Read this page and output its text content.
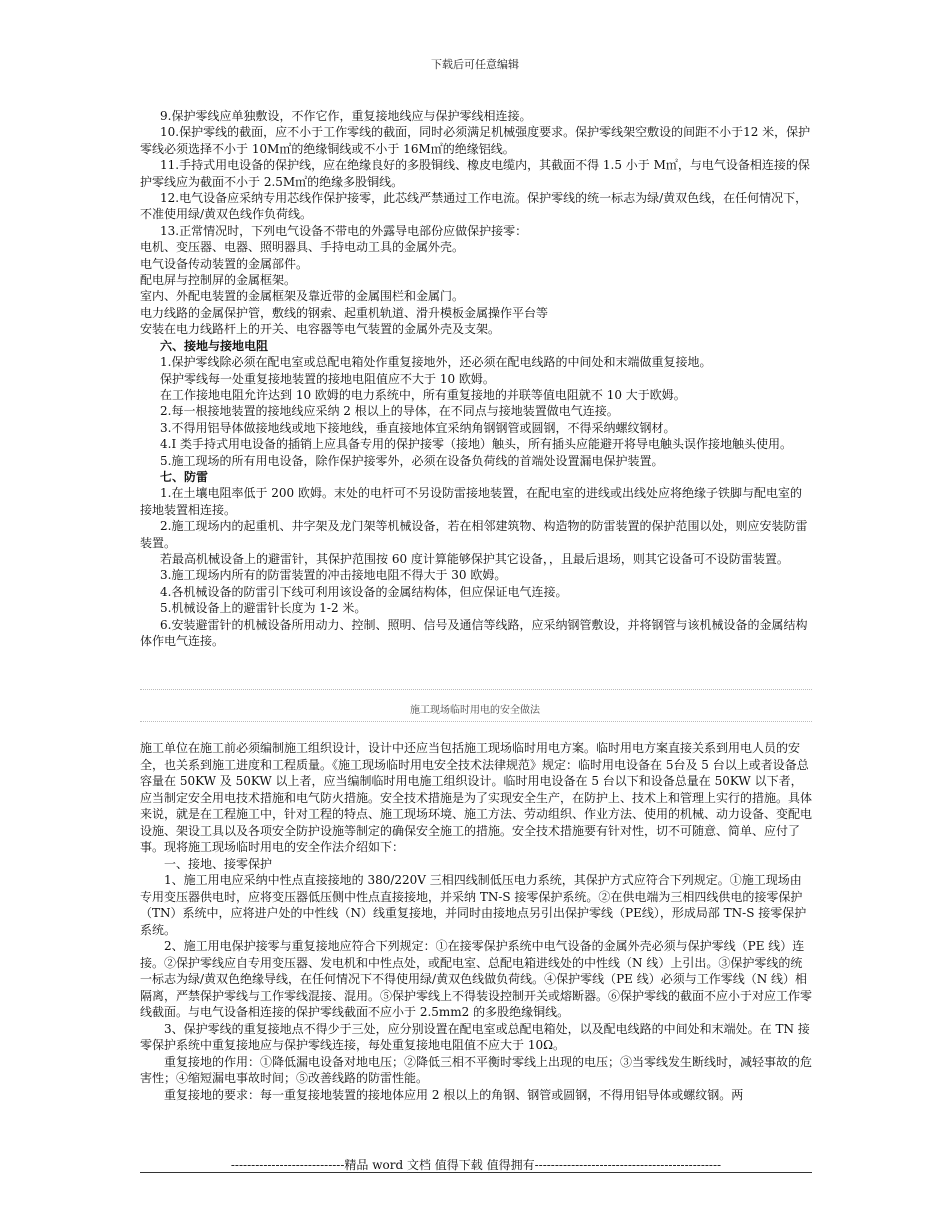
下载后可任意编辑

9.保护零线应单独敷设，不作它作，重复接地线应与保护零线相连接。

10.保护零线的截面，应不小于工作零线的截面，同时必须满足机械强度要求。保护零线架空敷设的间距不小于12 米，保护零线必须选择不小于 10M㎡的绝缘铜线或不小于 16M㎡的绝缘铝线。

11.手持式用电设备的保护线，应在绝缘良好的多股铜线、橡皮电缆内，其截面不得 1.5 小于 M㎡，与电气设备相连接的保护零线应为截面不小于 2.5M㎡的绝缘多股铜线。

12.电气设备应采纳专用芯线作保护接零，此芯线严禁通过工作电流。保护零线的统一标志为绿/黄双色线，在任何情况下，不准使用绿/黄双色线作负荷线。

13.正常情况时，下列电气设备不带电的外露导电部份应做保护接零：

电机、变压器、电器、照明器具、手持电动工具的金属外壳。

电气设备传动装置的金属部件。

配电屏与控制屏的金属框架。

室内、外配电装置的金属框架及靠近带的金属围栏和金属门。

电力线路的金属保护管，敷线的钢索、起重机轨道、滑升模板金属操作平台等

安装在电力线路杆上的开关、电容器等电气装置的金属外壳及支架。

六、接地与接地电阻

1.保护零线除必须在配电室或总配电箱处作重复接地外，还必须在配电线路的中间处和末端做重复接地。

保护零线每一处重复接地装置的接地电阻值应不大于 10 欧姆。

在工作接地电阻允许达到 10 欧姆的电力系统中，所有重复接地的并联等值电阻就不 10 大于欧姆。

2.每一根接地装置的接地线应采纳 2 根以上的导体，在不同点与接地装置做电气连接。

3.不得用铝导体做接地线或地下接地线，垂直接地体宜采纳角钢钢管或圆钢，不得采纳螺纹钢材。

4.I 类手持式用电设备的插销上应具备专用的保护接零（接地）触头，所有插头应能避开将导电触头误作接地触头使用。

5.施工现场的所有用电设备，除作保护接零外，必须在设备负荷线的首端处设置漏电保护装置。

七、防雷

1.在土壤电阻率低于 200 欧姆。末处的电杆可不另设防雷接地装置，在配电室的进线或出线处应将绝缘子铁脚与配电室的接地装置相连接。

2.施工现场内的起重机、井字架及龙门架等机械设备，若在相邻建筑物、构造物的防雷装置的保护范围以处，则应安装防雷装置。

若最高机械设备上的避雷针，其保护范围按 60 度计算能够保护其它设备，，且最后退场，则其它设备可不设防雷装置。

3.施工现场内所有的防雷装置的冲击接地电阻不得大于 30 欧姆。

4.各机械设备的防雷引下线可利用该设备的金属结构体，但应保证电气连接。

5.机械设备上的避雷针长度为 1-2 米。

6.安装避雷针的机械设备所用动力、控制、照明、信号及通信等线路，应采纳钢管敷设，并将钢管与该机械设备的金属结构体作电气连接。

施工现场临时用电的安全做法

施工单位在施工前必须编制施工组织设计，设计中还应当包括施工现场临时用电方案。临时用电方案直接关系到用电人员的安全，也关系到施工进度和工程质量。《施工现场临时用电安全技术法律规范》规定：临时用电设备在 5台及 5 台以上或者设备总容量在 50KW 及 50KW 以上者，应当编制临时用电施工组织设计。临时用电设备在 5 台以下和设备总量在 50KW 以下者，应当制定安全用电技术措施和电气防火措施。安全技术措施是为了实现安全生产，在防护上、技术上和管理上实行的措施。具体来说，就是在工程施工中，针对工程的特点、施工现场环境、施工方法、劳动组织、作业方法、使用的机械、动力设备、变配电设施、架设工具以及各项安全防护设施等制定的确保安全施工的措施。安全技术措施要有针对性，切不可随意、简单、应付了事。现将施工现场临时用电的安全作法介绍如下：

一、接地、接零保护

1、施工用电应采纳中性点直接接地的 380/220V 三相四线制低压电力系统，其保护方式应符合下列规定。①施工现场由专用变压器供电时，应将变压器低压侧中性点直接接地，并采纳 TN-S 接零保护系统。②在供电端为三相四线供电的接零保护（TN）系统中，应将进户处的中性线（N）线重复接地，并同时由接地点另引出保护零线（PE线），形成局部 TN-S 接零保护系统。

2、施工用电保护接零与重复接地应符合下列规定：①在接零保护系统中电气设备的金属外壳必须与保护零线（PE 线）连接。②保护零线应自专用变压器、发电机和中性点处，或配电室、总配电箱进线处的中性线（N 线）上引出。③保护零线的统一标志为绿/黄双色绝缘导线，在任何情况下不得使用绿/黄双色线做负荷线。④保护零线（PE 线）必须与工作零线（N 线）相隔离，严禁保护零线与工作零线混接、混用。⑤保护零线上不得装设控制开关或熔断器。⑥保护零线的截面不应小于对应工作零线截面。与电气设备相连接的保护零线截面不应小于 2.5mm2 的多股绝缘铜线。

3、保护零线的重复接地点不得少于三处，应分别设置在配电室或总配电箱处，以及配电线路的中间处和末端处。在 TN 接零保护系统中重复接地应与保护零线连接，每处重复接地电阻值不应大于 10Ω。

重复接地的作用：①降低漏电设备对地电压；②降低三相不平衡时零线上出现的电压；③当零线发生断线时，减轻事故的危害性；④缩短漏电事故时间；⑤改善线路的防雷性能。

重复接地的要求：每一重复接地装置的接地体应用 2 根以上的角钢、钢管或圆钢，不得用铝导体或螺纹钢。两

----------------------------精品 word 文档 值得下载 值得拥有----------------------------------------------
